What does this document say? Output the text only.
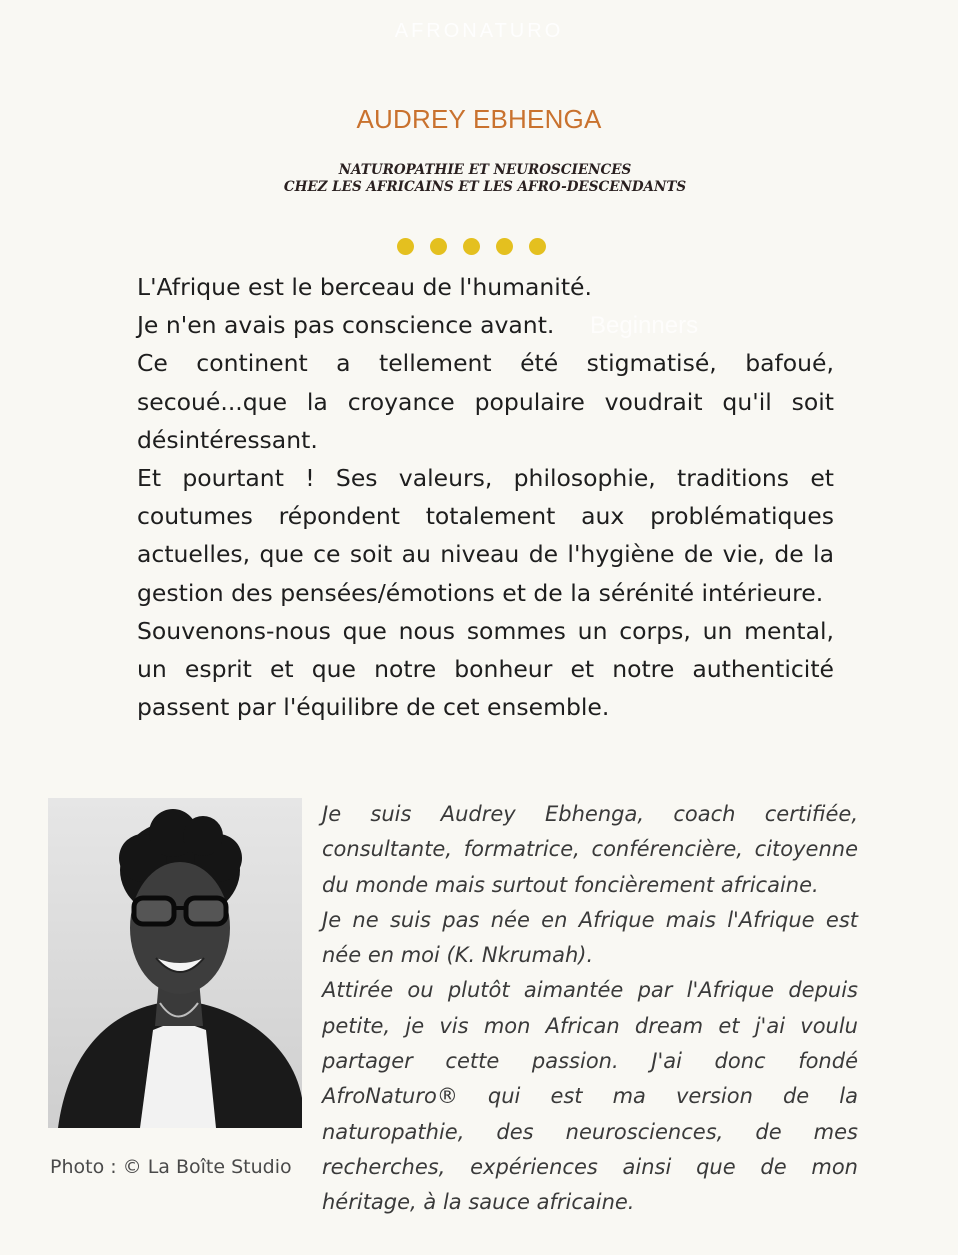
AFRONATURO
AUDREY EBHENGA
NATUROPATHIE ET NEUROSCIENCES
CHEZ LES AFRICAINS ET LES AFRO-DESCENDANTS

L'Afrique est le berceau de l'humanité.

Je n'en avais pas conscience avant.

Ce continent a tellement été stigmatisé, bafoué, secoué...que la croyance populaire voudrait qu'il soit désintéressant.

Et pourtant ! Ses valeurs, philosophie, traditions et coutumes répondent totalement aux problématiques actuelles, que ce soit au niveau de l'hygiène de vie, de la gestion des pensées/émotions et de la sérénité intérieure.

Souvenons-nous que nous sommes un corps, un mental, un esprit et que notre bonheur et notre authenticité passent par l'équilibre de cet ensemble.

Beginners
Photo : © La Boîte Studio

Je suis Audrey Ebhenga, coach certifiée, consultante, formatrice, conférencière, citoyenne du monde mais surtout foncièrement africaine.

Je ne suis pas née en Afrique mais l'Afrique est née en moi (K. Nkrumah).

Attirée ou plutôt aimantée par l'Afrique depuis petite, je vis mon African dream et j'ai voulu partager cette passion. J'ai donc fondé AfroNaturo® qui est ma version de la naturopathie, des neurosciences, de mes recherches, expériences ainsi que de mon héritage, à la sauce africaine.
